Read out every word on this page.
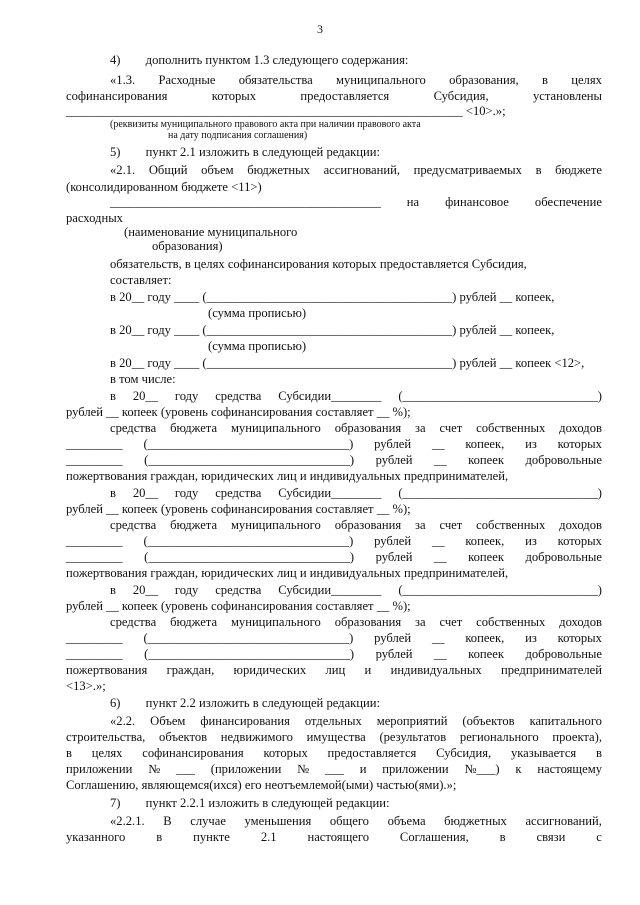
3
4)  дополнить пунктом 1.3 следующего содержания:
«1.3. Расходные обязательства муниципального образования, в целях
софинансирования	которых	предоставляется	Субсидия,	установлены
_______________________________________________________________ <10>.»;
(реквизиты муниципального правового акта при наличии правового акта
на дату подписания соглашения)
5)  пункт 2.1 изложить в следующей редакции:
«2.1. Общий объем бюджетных ассигнований, предусматриваемых в бюджете
(консолидированном бюджете <11>)
___________________________________________ на финансовое обеспечение
расходных
(наименование муниципального
образования)
обязательств, в целях софинансирования которых предоставляется Субсидия,
составляет:
в 20__ году ____ (_______________________________________) рублей __ копеек,
(сумма прописью)
в 20__ году ____ (_______________________________________) рублей __ копеек,
(сумма прописью)
в 20__ году ____ (_______________________________________) рублей __ копеек <12>,
в том числе:
в 20__ году средства Субсидии________ (_______________________________)
рублей __ копеек (уровень софинансирования составляет __ %);
средства бюджета муниципального образования за счет собственных доходов
_________ (________________________________) рублей __ копеек, из которых
_________ (________________________________) рублей __ копеек добровольные
пожертвования граждан, юридических лиц и индивидуальных предпринимателей,
в 20__ году средства Субсидии________ (_______________________________)
рублей __ копеек (уровень софинансирования составляет __ %);
средства бюджета муниципального образования за счет собственных доходов
_________ (________________________________) рублей __ копеек, из которых
_________ (________________________________) рублей __ копеек добровольные
пожертвования граждан, юридических лиц и индивидуальных предпринимателей,
в 20__ году средства Субсидии________ (_______________________________)
рублей __ копеек (уровень софинансирования составляет __ %);
средства бюджета муниципального образования за счет собственных доходов
_________ (________________________________) рублей __ копеек, из которых
_________ (________________________________) рублей __ копеек добровольные
пожертвования граждан, юридических лиц и индивидуальных предпринимателей
<13>.»;
6)  пункт 2.2 изложить в следующей редакции:
«2.2. Объем финансирования отдельных мероприятий (объектов капитального
строительства, объектов недвижимого имущества (результатов регионального проекта),
в целях софинансирования которых предоставляется Субсидия, указывается в
приложении № ___ (приложении № ___ и приложении №___) к настоящему
Соглашению, являющемся(ихся) его неотъемлемой(ыми) частью(ями).»;
7)  пункт 2.2.1 изложить в следующей редакции:
«2.2.1. В случае уменьшения общего объема бюджетных ассигнований,
указанного в пункте 2.1 настоящего Соглашения, в связи с
